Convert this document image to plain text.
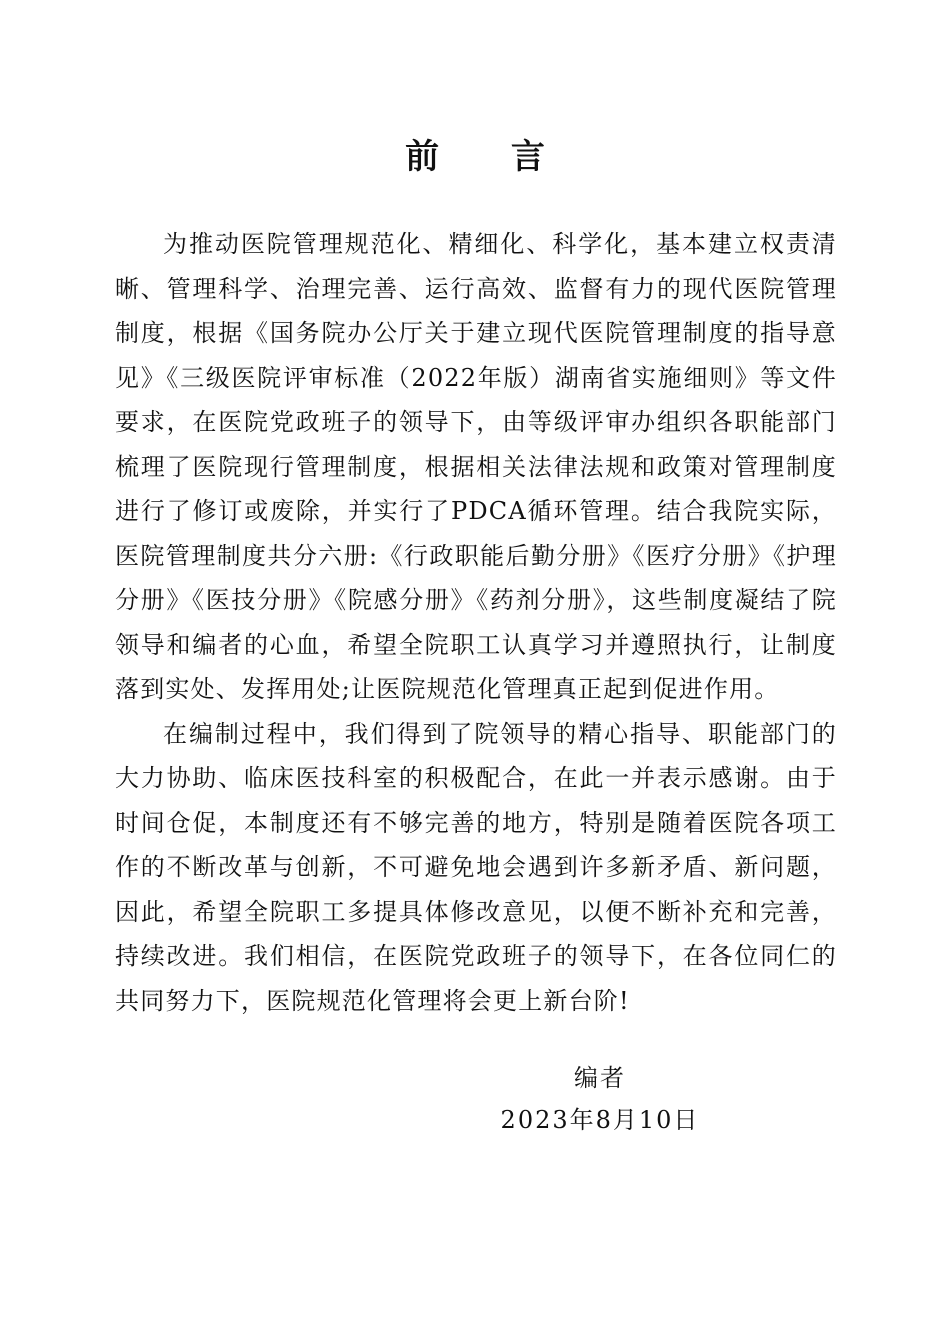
前 言

为推动医院管理规范化、精细化、科学化，基本建立权责清晰、管理科学、治理完善、运行高效、监督有力的现代医院管理制度，根据《国务院办公厅关于建立现代医院管理制度的指导意见》《三级医院评审标准（2022年版）湖南省实施细则》等文件要求，在医院党政班子的领导下，由等级评审办组织各职能部门梳理了医院现行管理制度，根据相关法律法规和政策对管理制度进行了修订或废除，并实行了PDCA循环管理。结合我院实际，医院管理制度共分六册:《行政职能后勤分册》《医疗分册》《护理分册》《医技分册》《院感分册》《药剂分册》，这些制度凝结了院领导和编者的心血，希望全院职工认真学习并遵照执行，让制度落到实处、发挥用处;让医院规范化管理真正起到促进作用。

在编制过程中，我们得到了院领导的精心指导、职能部门的大力协助、临床医技科室的积极配合，在此一并表示感谢。由于时间仓促，本制度还有不够完善的地方，特别是随着医院各项工作的不断改革与创新，不可避免地会遇到许多新矛盾、新问题，因此，希望全院职工多提具体修改意见，以便不断补充和完善，持续改进。我们相信，在医院党政班子的领导下，在各位同仁的共同努力下，医院规范化管理将会更上新台阶!

编者
2023年8月10日
